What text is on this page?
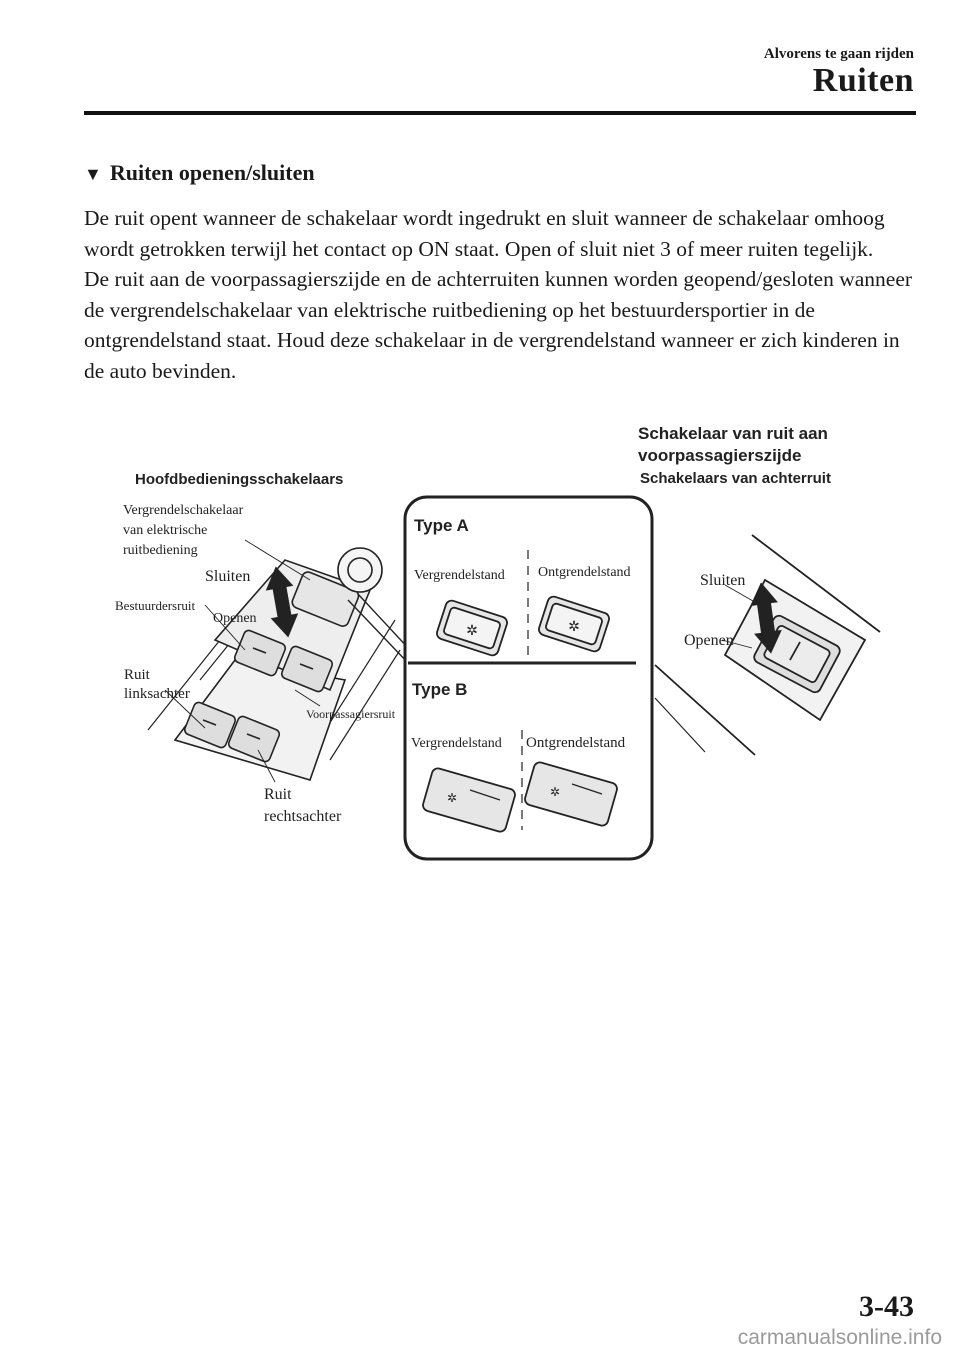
Alvorens te gaan rijden
Ruiten
▼ Ruiten openen/sluiten

De ruit opent wanneer de schakelaar wordt ingedrukt en sluit wanneer de schakelaar omhoog wordt getrokken terwijl het contact op ON staat. Open of sluit niet 3 of meer ruiten tegelijk.

De ruit aan de voorpassagierszijde en de achterruiten kunnen worden geopend/gesloten wanneer de vergrendelschakelaar van elektrische ruitbediening op het bestuurdersportier in de ontgrendelstand staat. Houd deze schakelaar in de vergrendelstand wanneer er zich kinderen in de auto bevinden.

Hoofdbedieningsschakelaars
Vergrendelschakelaar
van elektrische
ruitbediening
Sluiten
Bestuurdersruit
Openen
Ruit
linksachter
Voorpassagiersruit
Ruit
rechtsachter
Type A
Vergrendelstand Ontgrendelstand
✲	✲
Type B
Vergrendelstand Ontgrendelstand
✲	✲
Schakelaar van ruit aan
voorpassagierszijde
Schakelaars van achterruit
Sluiten
Openen
3-43
carmanualsonline.info
